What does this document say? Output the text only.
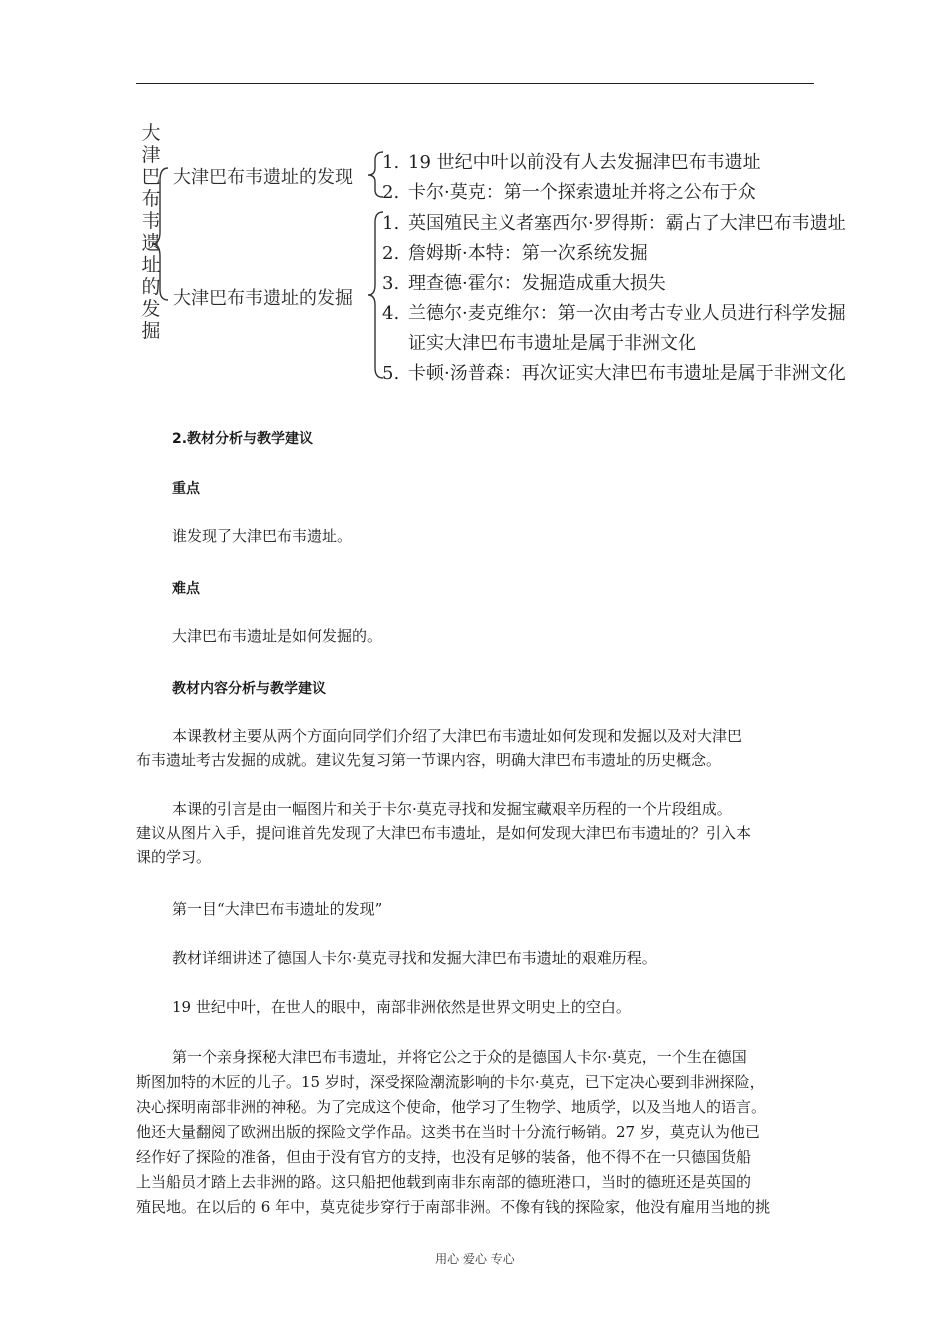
大
津
巴
布
韦
遗
址
的
发
掘
大津巴布韦遗址的发现
大津巴布韦遗址的发掘
1. 19 世纪中叶以前没有人去发掘津巴布韦遗址
2. 卡尔·莫克：第一个探索遗址并将之公布于众
1. 英国殖民主义者塞西尔·罗得斯：霸占了大津巴布韦遗址
2. 詹姆斯·本特：第一次系统发掘
3. 理查德·霍尔：发掘造成重大损失
4. 兰德尔·麦克维尔：第一次由考古专业人员进行科学发掘
证实大津巴布韦遗址是属于非洲文化
5. 卡顿·汤普森：再次证实大津巴布韦遗址是属于非洲文化
2.教材分析与教学建议
重点
谁发现了大津巴布韦遗址。
难点
大津巴布韦遗址是如何发掘的。
教材内容分析与教学建议
本课教材主要从两个方面向同学们介绍了大津巴布韦遗址如何发现和发掘以及对大津巴
布韦遗址考古发掘的成就。建议先复习第一节课内容，明确大津巴布韦遗址的历史概念。
本课的引言是由一幅图片和关于卡尔·莫克寻找和发掘宝藏艰辛历程的一个片段组成。
建议从图片入手，提问谁首先发现了大津巴布韦遗址，是如何发现大津巴布韦遗址的？引入本
课的学习。
第一目“大津巴布韦遗址的发现”
教材详细讲述了德国人卡尔·莫克寻找和发掘大津巴布韦遗址的艰难历程。
19 世纪中叶，在世人的眼中，南部非洲依然是世界文明史上的空白。
第一个亲身探秘大津巴布韦遗址，并将它公之于众的是德国人卡尔·莫克，一个生在德国
斯图加特的木匠的儿子。15 岁时，深受探险潮流影响的卡尔·莫克，已下定决心要到非洲探险，
决心探明南部非洲的神秘。为了完成这个使命，他学习了生物学、地质学，以及当地人的语言。
他还大量翻阅了欧洲出版的探险文学作品。这类书在当时十分流行畅销。27 岁，莫克认为他已
经作好了探险的准备，但由于没有官方的支持，也没有足够的装备，他不得不在一只德国货船
上当船员才踏上去非洲的路。这只船把他载到南非东南部的德班港口，当时的德班还是英国的
殖民地。在以后的 6 年中，莫克徒步穿行于南部非洲。不像有钱的探险家，他没有雇用当地的挑
用心 爱心 专心
